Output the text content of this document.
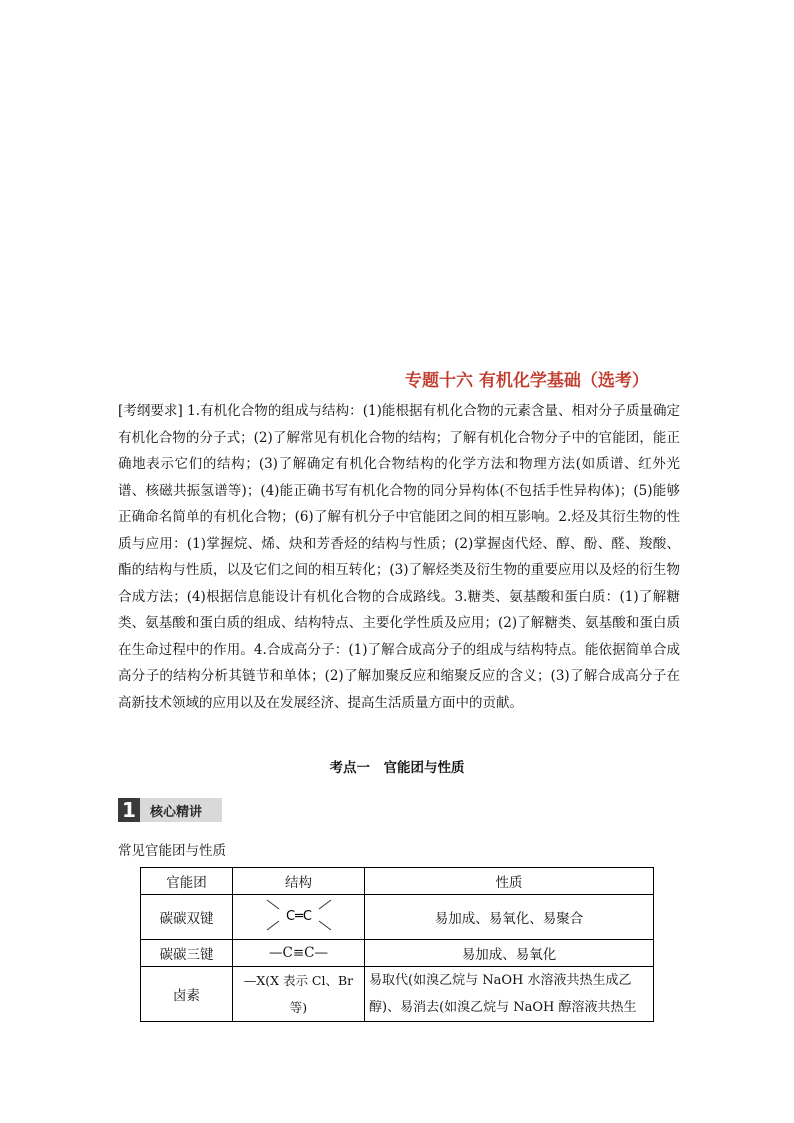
专题十六 有机化学基础（选考）
[考纲要求] 1.有机化合物的组成与结构：(1)能根据有机化合物的元素含量、相对分子质量确定有机化合物的分子式；(2)了解常见有机化合物的结构；了解有机化合物分子中的官能团，能正确地表示它们的结构；(3)了解确定有机化合物结构的化学方法和物理方法(如质谱、红外光谱、核磁共振氢谱等)；(4)能正确书写有机化合物的同分异构体(不包括手性异构体)；(5)能够正确命名简单的有机化合物；(6)了解有机分子中官能团之间的相互影响。2.烃及其衍生物的性质与应用：(1)掌握烷、烯、炔和芳香烃的结构与性质；(2)掌握卤代烃、醇、酚、醛、羧酸、酯的结构与性质，以及它们之间的相互转化；(3)了解烃类及衍生物的重要应用以及烃的衍生物合成方法；(4)根据信息能设计有机化合物的合成路线。3.糖类、氨基酸和蛋白质：(1)了解糖类、氨基酸和蛋白质的组成、结构特点、主要化学性质及应用；(2)了解糖类、氨基酸和蛋白质在生命过程中的作用。4.合成高分子：(1)了解合成高分子的组成与结构特点。能依据简单合成高分子的结构分析其链节和单体；(2)了解加聚反应和缩聚反应的含义；(3)了解合成高分子在高新技术领域的应用以及在发展经济、提高生活质量方面中的贡献。
考点一　官能团与性质
1	核心精讲
常见官能团与性质
官能团	结构	性质
碳碳双键	C═C	易加成、易氧化、易聚合
碳碳三键	—C≡C—	易加成、易氧化
卤素	—X(X 表示 Cl、Br 等)	易取代(如溴乙烷与 NaOH 水溶液共热生成乙醇)、易消去(如溴乙烷与 NaOH 醇溶液共热生
